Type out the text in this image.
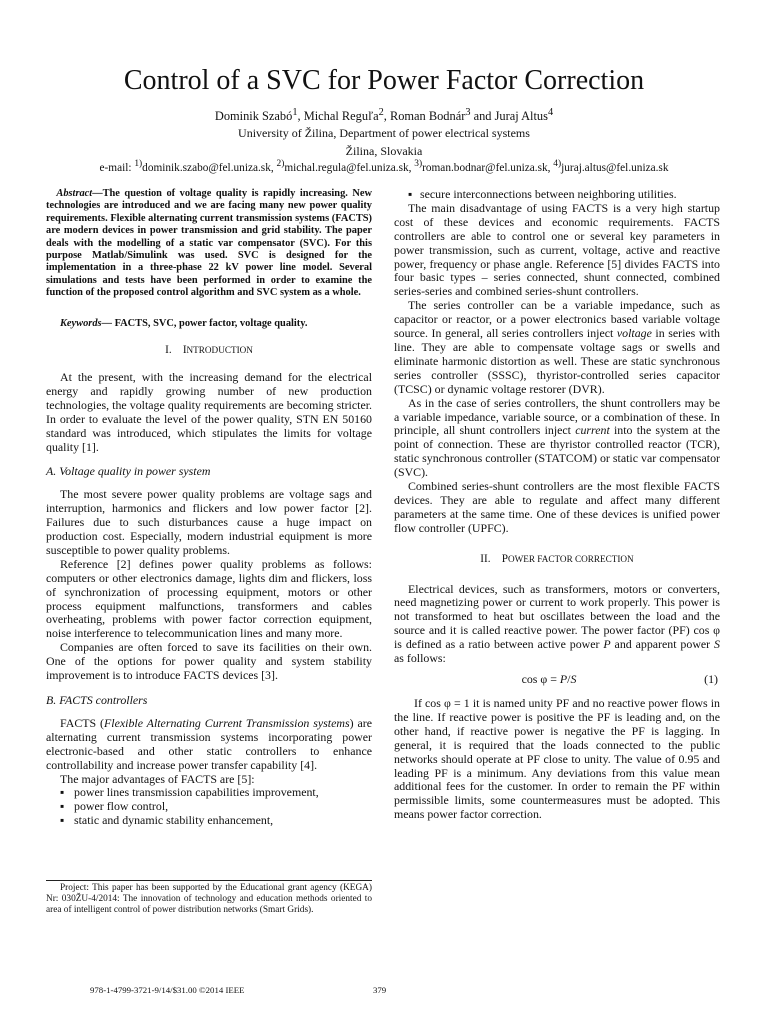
Control of a SVC for Power Factor Correction
Dominik Szabó$^1$, Michal Reguľa$^2$, Roman Bodnár$^3$ and Juraj Altus$^4$
University of Žilina, Department of power electrical systems
Žilina, Slovakia
e-mail: $^{1)}$dominik.szabo@fel.uniza.sk, $^{2)}$michal.regula@fel.uniza.sk, $^{3)}$roman.bodnar@fel.uniza.sk, $^{4)}$juraj.altus@fel.uniza.sk
 Abstract—The question of voltage quality is rapidly increasing. New technologies are introduced and we are facing many new power quality requirements. Flexible alternating current transmission systems (FACTS) are modern devices in power transmission and grid stability. The paper deals with the modelling of a static var compensator (SVC). For this purpose Matlab/Simulink was used. SVC is designed for the implementation in a three-phase 22 kV power line model. Several simulations and tests have been performed in order to examine the function of the proposed control algorithm and SVC system as a whole.
Keywords— FACTS, SVC, power factor, voltage quality.
I.  INTRODUCTION

At the present, with the increasing demand for the electrical energy and rapidly growing number of new production technologies, the voltage quality requirements are becoming stricter. In order to evaluate the level of the power quality, STN EN 50160 standard was introduced, which stipulates the limits for voltage quality [1].

A. Voltage quality in power system

The most severe power quality problems are voltage sags and interruption, harmonics and flickers and low power factor [2]. Failures due to such disturbances cause a huge impact on production cost. Especially, modern industrial equipment is more susceptible to power quality problems.

Reference [2] defines power quality problems as follows: computers or other electronics damage, lights dim and flickers, loss of synchronization of processing equipment, motors or other process equipment malfunctions, transformers and cables overheating, problems with power factor correction equipment, noise interference to telecommunication lines and many more.

Companies are often forced to save its facilities on their own. One of the options for power quality and system stability improvement is to introduce FACTS devices [3].

B. FACTS controllers

FACTS (Flexible Alternating Current Transmission systems) are alternating current transmission systems incorporating power electronic-based and other static controllers to enhance controllability and increase power transfer capability [4].

The major advantages of FACTS are [5]:

▪ power lines transmission capabilities improvement,
▪ power flow control,
▪ static and dynamic stability enhancement,
▪ secure interconnections between neighboring utilities.

The main disadvantage of using FACTS is a very high startup cost of these devices and economic requirements. FACTS controllers are able to control one or several key parameters in power transmission, such as current, voltage, active and reactive power, frequency or phase angle. Reference [5] divides FACTS into four basic types – series connected, shunt connected, combined series-series and combined series-shunt controllers.

The series controller can be a variable impedance, such as capacitor or reactor, or a power electronics based variable voltage source. In general, all series controllers inject voltage in series with line. They are able to compensate voltage sags or swells and eliminate harmonic distortion as well. These are static synchronous series controller (SSSC), thyristor-controlled series capacitor (TCSC) or dynamic voltage restorer (DVR).

As in the case of series controllers, the shunt controllers may be a variable impedance, variable source, or a combination of these. In principle, all shunt controllers inject current into the system at the point of connection. These are thyristor controlled reactor (TCR), static synchronous controller (STATCOM) or static var compensator (SVC).

Combined series-shunt controllers are the most flexible FACTS devices. They are able to regulate and affect many different parameters at the same time. One of these devices is unified power flow controller (UPFC).

II.  POWER FACTOR CORRECTION

Electrical devices, such as transformers, motors or converters, need magnetizing power or current to work properly. This power is not transformed to heat but oscillates between the load and the source and it is called reactive power. The power factor (PF) cos φ is defined as a ratio between active power P and apparent power S as follows:

cos φ = P/S	(1)

If cos φ = 1 it is named unity PF and no reactive power flows in the line. If reactive power is positive the PF is leading and, on the other hand, if reactive power is negative the PF is lagging. In general, it is required that the loads connected to the public networks should operate at PF close to unity. The value of 0.95 and leading PF is a minimum. Any deviations from this value mean additional fees for the customer. In order to remain the PF within permissible limits, some countermeasures must be adopted. This means power factor correction.

Project: This paper has been supported by the Educational grant agency (KEGA) Nr: 030ŽU-4/2014: The innovation of technology and education methods oriented to area of intelligent control of power distribution networks (Smart Grids).
978-1-4799-3721-9/14/$31.00 ©2014 IEEE	379
